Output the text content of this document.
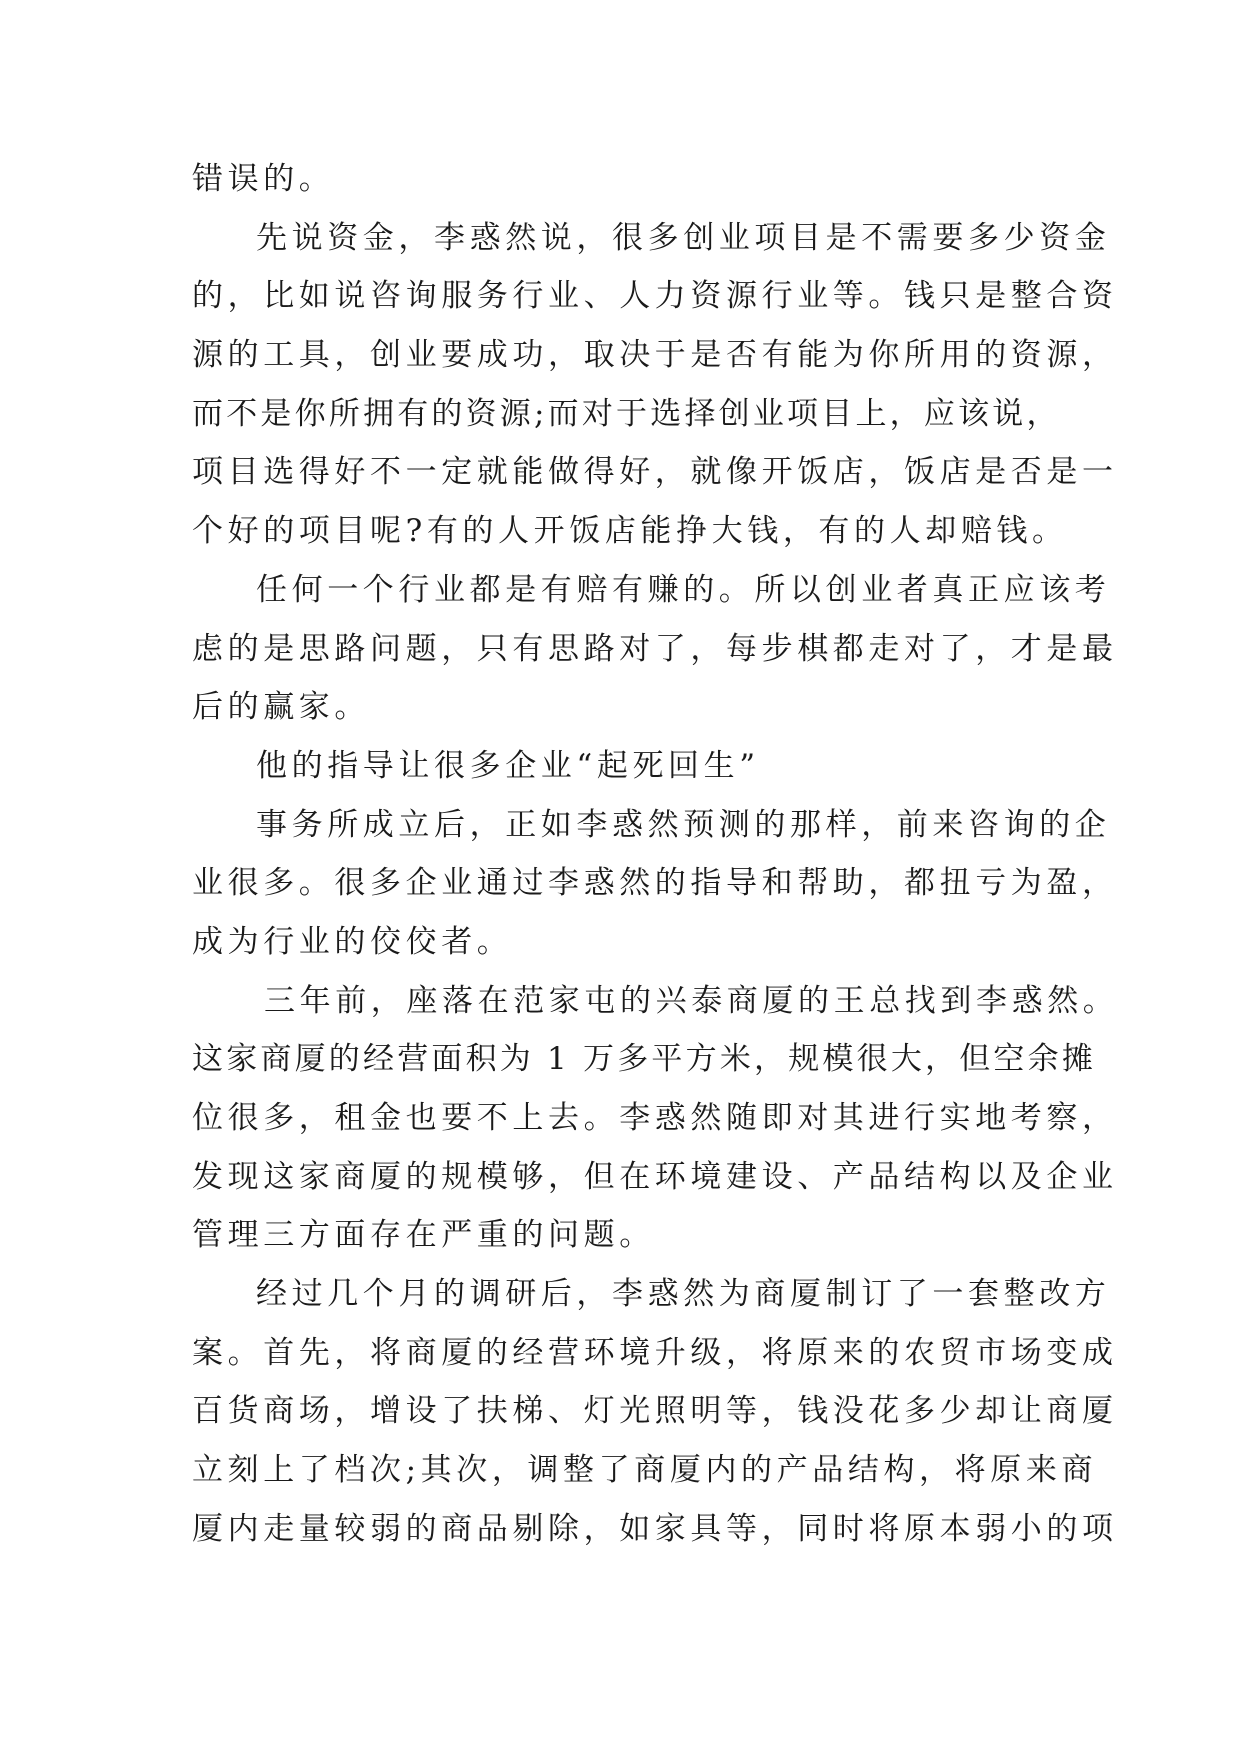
错误的。
先说资金，李惑然说，很多创业项目是不需要多少资金
的，比如说咨询服务行业、人力资源行业等。钱只是整合资
源的工具，创业要成功，取决于是否有能为你所用的资源，
而不是你所拥有的资源;而对于选择创业项目上，应该说，
项目选得好不一定就能做得好，就像开饭店，饭店是否是一
个好的项目呢?有的人开饭店能挣大钱，有的人却赔钱。
任何一个行业都是有赔有赚的。所以创业者真正应该考
虑的是思路问题，只有思路对了，每步棋都走对了，才是最
后的赢家。
他的指导让很多企业“起死回生”
事务所成立后，正如李惑然预测的那样，前来咨询的企
业很多。很多企业通过李惑然的指导和帮助，都扭亏为盈，
成为行业的佼佼者。
三年前，座落在范家屯的兴泰商厦的王总找到李惑然。
这家商厦的经营面积为 1 万多平方米，规模很大，但空余摊
位很多，租金也要不上去。李惑然随即对其进行实地考察，
发现这家商厦的规模够，但在环境建设、产品结构以及企业
管理三方面存在严重的问题。
经过几个月的调研后，李惑然为商厦制订了一套整改方
案。首先，将商厦的经营环境升级，将原来的农贸市场变成
百货商场，增设了扶梯、灯光照明等，钱没花多少却让商厦
立刻上了档次;其次，调整了商厦内的产品结构，将原来商
厦内走量较弱的商品剔除，如家具等，同时将原本弱小的项
